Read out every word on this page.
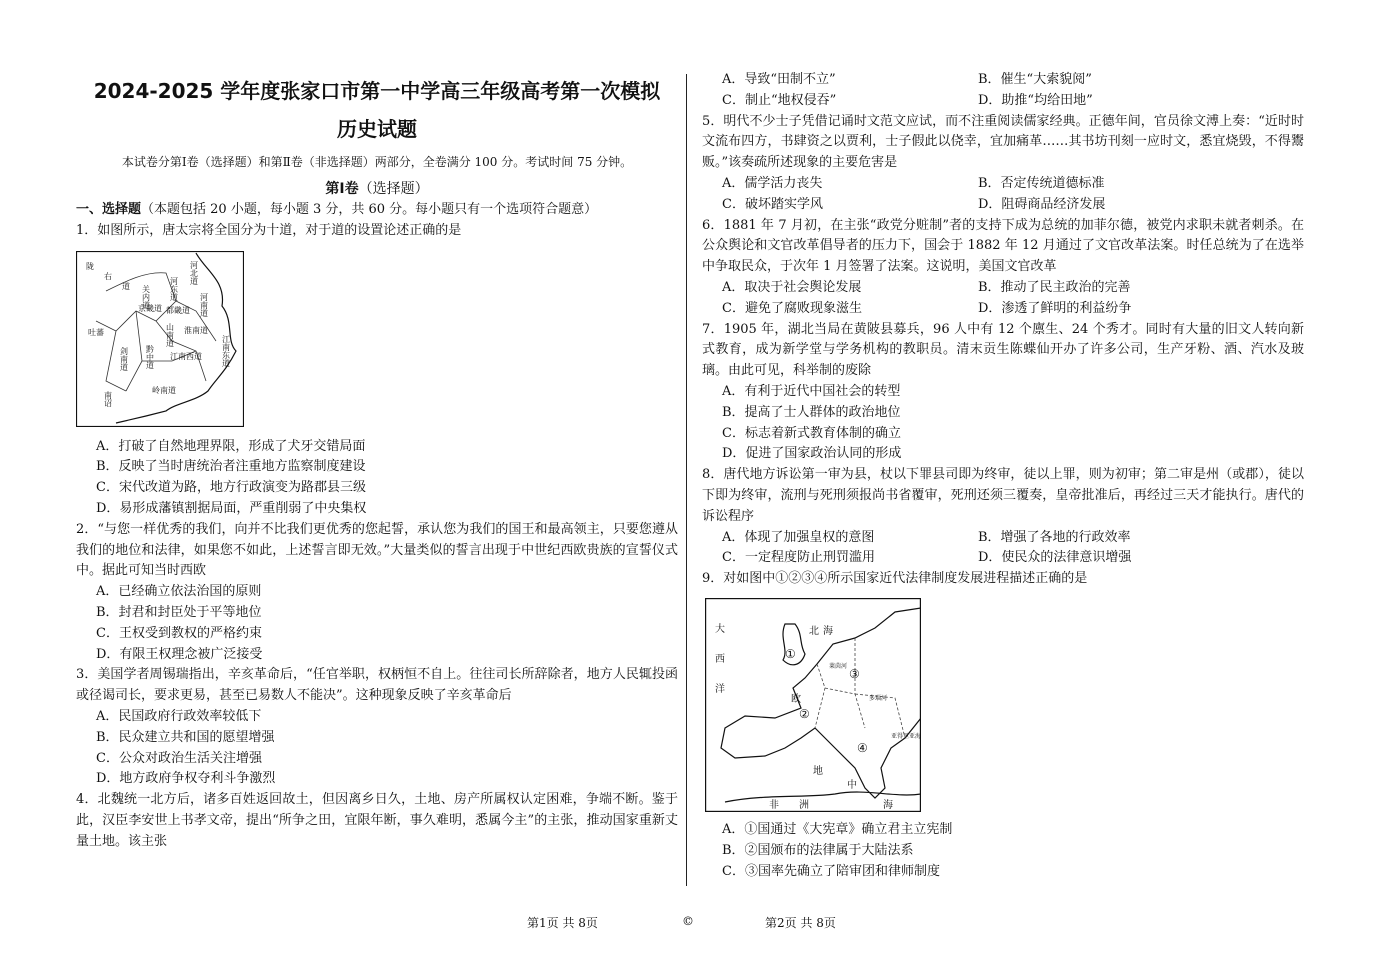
2024-2025 学年度张家口市第一中学高三年级高考第一次模拟
历史试题
本试卷分第Ⅰ卷（选择题）和第Ⅱ卷（非选择题）两部分，全卷满分 100 分。考试时间 75 分钟。
第Ⅰ卷（选择题）

一、选择题（本题包括 20 小题，每小题 3 分，共 60 分。每小题只有一个选项符合题意）

1．如图所示，唐太宗将全国分为十道，对于道的设置论述正确的是

陇
右
道 关内道 河东道
河北道
京畿道 都畿道 河南道
山南道 淮南道
剑南道 黔中道 江南西道 江南东道
岭南道
南诏
吐蕃

A．打破了自然地理界限，形成了犬牙交错局面

B．反映了当时唐统治者注重地方监察制度建设

C．宋代改道为路，地方行政演变为路郡县三级

D．易形成藩镇割据局面，严重削弱了中央集权

2．“与您一样优秀的我们，向并不比我们更优秀的您起誓，承认您为我们的国王和最高领主，只要您遵从我们的地位和法律，如果您不如此，上述誓言即无效。”大量类似的誓言出现于中世纪西欧贵族的宣誓仪式中。据此可知当时西欧

A．已经确立依法治国的原则

B．封君和封臣处于平等地位

C．王权受到教权的严格约束

D．有限王权理念被广泛接受

3．美国学者周锡瑞指出，辛亥革命后，“任官举职，权柄恒不自上。往往司长所辞除者，地方人民辄投函或径谒司长，要求更易，甚至已易数人不能决”。这种现象反映了辛亥革命后

A．民国政府行政效率较低下

B．民众建立共和国的愿望增强

C．公众对政治生活关注增强

D．地方政府争权夺利斗争激烈

4．北魏统一北方后，诸多百姓返回故土，但因离乡日久，土地、房产所属权认定困难，争端不断。鉴于此，汉臣李安世上书孝文帝，提出“所争之田，宜限年断，事久难明，悉属今主”的主张，推动国家重新丈量土地。该主张

A．导致“田制不立”	B．催生“大索貌阅”
C．制止“地权侵吞”	D．助推“均给田地”

5．明代不少士子凭借记诵时文范文应试，而不注重阅读儒家经典。正德年间，官员徐文溥上奏：“近时时文流布四方，书肆资之以贾利，士子假此以侥幸，宜加痛革……其书坊刊刻一应时文，悉宜烧毁，不得鬻贩。”该奏疏所述现象的主要危害是

A．儒学活力丧失	B．否定传统道德标准
C．破坏踏实学风	D．阻碍商品经济发展

6．1881 年 7 月初，在主张“政党分赃制”者的支持下成为总统的加菲尔德，被党内求职未就者刺杀。在公众舆论和文官改革倡导者的压力下，国会于 1882 年 12 月通过了文官改革法案。时任总统为了在选举中争取民众，于次年 1 月签署了法案。这说明，美国文官改革

A．取决于社会舆论发展	B．推动了民主政治的完善
C．避免了腐败现象滋生	D．渗透了鲜明的利益纷争

7．1905 年，湖北当局在黄陂县募兵，96 人中有 12 个廪生、24 个秀才。同时有大量的旧文人转向新式教育，成为新学堂与学务机构的教职员。清末贡生陈蝶仙开办了许多公司，生产牙粉、酒、汽水及玻璃。由此可见，科举制的废除

A．有利于近代中国社会的转型

B．提高了士人群体的政治地位

C．标志着新式教育体制的确立

D．促进了国家政治认同的形成

8．唐代地方诉讼第一审为县，杖以下罪县司即为终审，徒以上罪，则为初审；第二审是州（或郡），徒以下即为终审，流刑与死刑须报尚书省覆审，死刑还须三覆奏，皇帝批准后，再经过三天才能执行。唐代的诉讼程序

A．体现了加强皇权的意图	B．增强了各地的行政效率
C．一定程度防止刑罚滥用	D．使民众的法律意识增强

9．对如图中①②③④所示国家近代法律制度发展进程描述正确的是

大
西
洋
北 海
①
②
③
④
欧
地
中
海
非 洲
莱茵河
多瑙河
亚得里亚海

A．①国通过《大宪章》确立君主立宪制

B．②国颁布的法律属于大陆法系

C．③国率先确立了陪审团和律师制度

第1页 共 8页	©	第2页 共 8页
